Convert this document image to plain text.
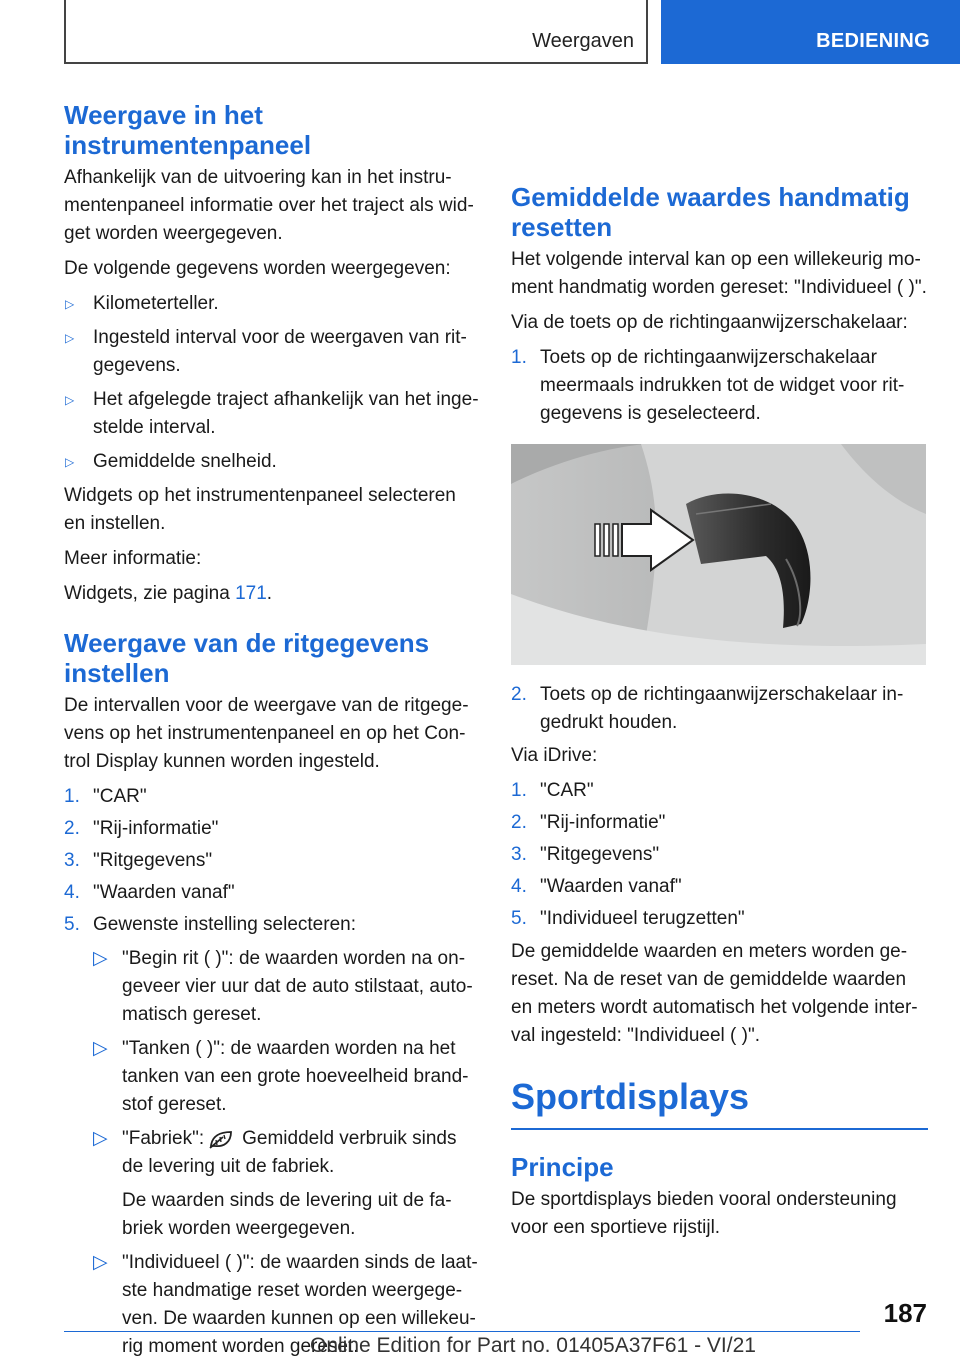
Weergaven	BEDIENING
Weergave in het instrumentenpaneel

Afhankelijk van de uitvoering kan in het instrumentenpaneel informatie over het traject als widget worden weergegeven.

De volgende gegevens worden weergegeven:

▷ Kilometerteller.
▷ Ingesteld interval voor de weergaven van ritgegevens.
▷ Het afgelegde traject afhankelijk van het ingestelde interval.
▷ Gemiddelde snelheid.

Widgets op het instrumentenpaneel selecteren en instellen.

Meer informatie:

Widgets, zie pagina 171.

Weergave van de ritgegevens instellen

De intervallen voor de weergave van de ritgegevens op het instrumentenpaneel en op het Control Display kunnen worden ingesteld.

1. "CAR"
2. "Rij-informatie"
3. "Ritgegevens"
4. "Waarden vanaf"
5. Gewenste instelling selecteren:
▷ "Begin rit ( )": de waarden worden na ongeveer vier uur dat de auto stilstaat, automatisch gereset.
▷ "Tanken ( )": de waarden worden na het tanken van een grote hoeveelheid brandstof gereset.
▷ "Fabriek": Gemiddeld verbruik sinds de levering uit de fabriek.
De waarden sinds de levering uit de fabriek worden weergegeven.
▷ "Individueel ( )": de waarden sinds de laatste handmatige reset worden weergegeven. De waarden kunnen op een willekeurig moment worden gereset.
Gemiddelde waardes handmatig resetten

Het volgende interval kan op een willekeurig moment handmatig worden gereset: "Individueel ( )".

Via de toets op de richtingaanwijzerschakelaar:

1. Toets op de richtingaanwijzerschakelaar meermaals indrukken tot de widget voor ritgegevens is geselecteerd.
2. Toets op de richtingaanwijzerschakelaar ingedrukt houden.

Via iDrive:

1. "CAR"
2. "Rij-informatie"
3. "Ritgegevens"
4. "Waarden vanaf"
5. "Individueel terugzetten"

De gemiddelde waarden en meters worden gereset. Na de reset van de gemiddelde waarden en meters wordt automatisch het volgende interval ingesteld: "Individueel ( )".

Sportdisplays
Principe

De sportdisplays bieden vooral ondersteuning voor een sportieve rijstijl.

187
Online Edition for Part no. 01405A37F61 - VI/21
